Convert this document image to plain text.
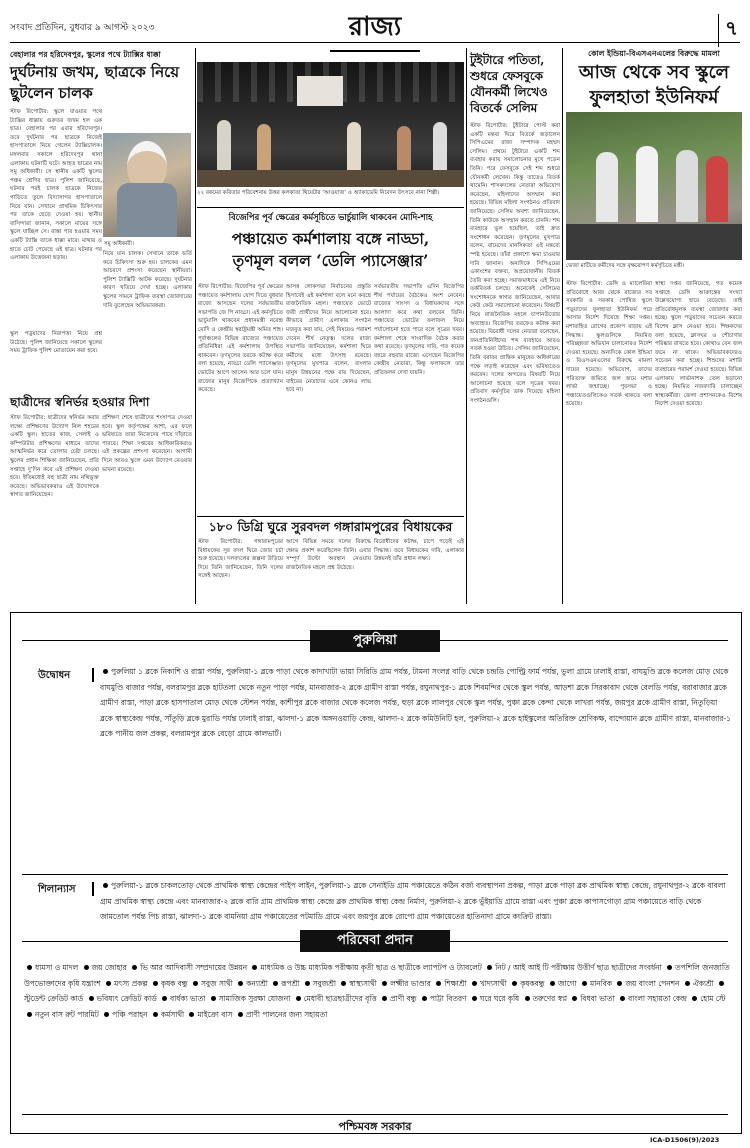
সংবাদ প্রতিদিন, বুধবার ৯ আগস্ট ২০২৩	রাজ্য	৭
বেহালার পর হরিদেবপুর, স্কুলের পথে ট্যাক্সির ধাক্কা
দুর্ঘটনায় জখম, ছাত্রকে নিয়ে ছুটলেন চালক
স্টাফ রিপোর্টার: স্কুলে যাওয়ার পথে ট্যাক্সির ধাক্কায় গুরুতর জখম হল এক ছাত্র। বেহালার পর এবার হরিদেবপুর। তবে দুর্ঘটনার পর ছাত্রকে নিজেই হাসপাতালে নিয়ে গেলেন ট্যাক্সিচালক। মঙ্গলবার সকালে হরিদেবপুর থানা এলাকায় ঘটনাটি ঘটে। আহত ছাত্রের নাম সমু অধিকারী। সে স্থানীয় একটি স্কুলের পঞ্চম শ্রেণির ছাত্র। পুলিশ জানিয়েছে, ঘটনার পরই চালক ছাত্রকে নিজের গাড়িতে তুলে বিদ্যাসাগর হাসপাতালে নিয়ে যান। সেখানে প্রাথমিক চিকিৎসার পর তাকে ছেড়ে দেওয়া হয়। স্থানীয় বাসিন্দারা জানান, সকালে মায়ের সঙ্গে স্কুলে যাচ্ছিল সে। রাস্তা পার হওয়ার সময় একটি ট্যাক্সি তাকে ধাক্কা মারে। মাথায় ও হাতে চোট পেয়েছে ওই ছাত্র। ঘটনার পর এলাকায় উত্তেজনা ছড়ায়।
সমু অধিকারী।
নিয়ে যান চালক। সেখানে তাকে ভর্তি করে চিকিৎসা শুরু হয়। চালকের এমন আচরণে প্রশংসা করেছেন স্থানীয়রা। পুলিশ ট্যাক্সিটি আটক করেছে। দুর্ঘটনার কারণ খতিয়ে দেখা হচ্ছে। এলাকায় স্কুলের সামনে ট্রাফিক ব্যবস্থা জোরদারের দাবি তুলেছেন অভিভাবকরা।
স্কুল পড়ুয়াদের নিরাপত্তা নিয়ে প্রশ্ন উঠেছে। পুলিশ জানিয়েছে সকালে স্কুলের সময় ট্রাফিক পুলিশ মোতায়েন করা হবে।
ছাত্রীদের স্বনির্ভর হওয়ার দিশা
স্টাফ রিপোর্টার: ছাত্রীদের স্বনির্ভর করার লক্ষ্যে প্রশিক্ষণের উদ্যোগ নিল শহরের একটি স্কুল। হাতের কাজ, সেলাই ও কম্পিউটার প্রশিক্ষণের মাধ্যমে তাদের আত্মনির্ভর করে তোলার চেষ্টা চলছে। স্কুলের প্রধান শিক্ষিকা জানিয়েছেন, প্রতি সপ্তাহে দু’দিন করে এই প্রশিক্ষণ দেওয়া হবে। ইতিমধ্যেই বহু ছাত্রী নাম নথিভুক্ত করেছে। অভিভাবকরাও এই উদ্যোগকে স্বাগত জানিয়েছেন।
প্রশিক্ষণ শেষে ছাত্রীদের শংসাপত্র দেওয়া হবে। স্কুল কর্তৃপক্ষের আশা, এর ফলে ভবিষ্যতে তারা নিজেদের পায়ে দাঁড়াতে পারবে। শিক্ষা দপ্তরের আধিকারিকরাও এই প্রকল্পের প্রশংসা করেছেন। আগামী দিনে আরও স্কুলে এমন উদ্যোগ নেওয়ার ভাবনা রয়েছে।
২২ রকমের কবিতার পরিবেশনায় উত্তর কলকাতা থিয়েটার ‘আওয়াজ’ ও অ্যাকাডেমি নিবেদন উৎসবে নানা শিল্পী।
বিজেপির পূর্ব ক্ষেত্রের কর্মসূচিতে ভার্চুয়ালি থাকবেন মোদি-শাহ
পঞ্চায়েত কর্মশালায় বঙ্গে নাড্ডা,
তৃণমূল বলল ‘ডেলি প্যাসেঞ্জার’
স্টাফ রিপোর্টার: বিজেপির পূর্ব ক্ষেত্রের পঞ্চায়েত কর্মশালায় যোগ দিতে বুধবার রাজ্যে আসছেন দলের সর্বভারতীয় সভাপতি জে পি নাড্ডা। এই কর্মসূচিতে ভার্চুয়ালি থাকবেন প্রধানমন্ত্রী নরেন্দ্র মোদি ও কেন্দ্রীয় স্বরাষ্ট্রমন্ত্রী অমিত শাহ। পূর্বাঞ্চলের বিভিন্ন রাজ্যের পঞ্চায়েত প্রতিনিধিরা এই কর্মশালায় উপস্থিত থাকবেন। তৃণমূলের তরফে কটাক্ষ করে বলা হয়েছে, নাড্ডা ডেলি প্যাসেঞ্জার। ভোটের আগে আসেন আর চলে যান। রাজ্যের মানুষ বিজেপিকে প্রত্যাখ্যান করেছে।
আসন্ন লোকসভা নির্বাচনের প্রস্তুতি হিসাবেই এই কর্মশালা বলে মনে করছে রাজনৈতিক মহল। পঞ্চায়েত ভোটে জয়ী প্রার্থীদের নিয়ে আলোচনা হবে। কীভাবে গ্রামীণ এলাকায় সংগঠন মজবুত করা যায়, সেই বিষয়েও পরামর্শ দেবেন শীর্ষ নেতৃত্ব। দলের রাজ্য সভাপতি জানিয়েছেন, কর্মশালা ঘিরে কর্মীদের মধ্যে উৎসাহ রয়েছে। তৃণমূলের মুখপাত্র বলেন, বাংলার মানুষ উন্নয়নের পক্ষে রায় দিয়েছেন, বাইরের নেতাদের এনে কোনও লাভ হবে না।
সর্বভারতীয় সভাপতি এদিন বিজেপির শীর্ষ পর্যায়ের বৈঠকেও অংশ নেবেন। রাজ্যের সাংসদ ও বিধায়কদের সঙ্গে আলাদা করে কথা বলবেন তিনি। পঞ্চায়েত ভোটের ফলাফল নিয়ে পর্যালোচনা হতে পারে বলে সূত্রের খবর। কর্মশালা শেষে সাংবাদিক বৈঠক করার কথা রয়েছে। তৃণমূলের দাবি, গত কয়েক বছরে বহুবার রাজ্যে এসেছেন বিজেপির কেন্দ্রীয় নেতারা, কিন্তু ফলাফলে তার প্রতিফলন দেখা যায়নি।
১৮০ ডিগ্রি ঘুরে সুরবদল গঙ্গারামপুরের বিধায়কের
স্টাফ রিপোর্টার: গঙ্গারামপুরের বিধায়কের সুর বদল ঘিরে জোর চর্চা শুরু হয়েছে। দলবদলের জল্পনা উড়িয়ে দিয়ে তিনি জানিয়েছেন, তিনি দলের সঙ্গেই আছেন।
আগে বিভিন্ন সময়ে দলের বিরুদ্ধে ক্ষোভ প্রকাশ করেছিলেন তিনি। এবার সম্পূর্ণ উল্টো অবস্থান নেওয়ায় রাজনৈতিক মহলে প্রশ্ন উঠেছে।
বিরোধীদের কটাক্ষ, চাপে পড়েই এই সিদ্ধান্ত। তবে বিধায়কের দাবি, এলাকার উন্নয়নই তাঁর প্রধান লক্ষ্য।
টুইটারে পতিতা, শুধরে ফেসবুকে যৌনকর্মী লিখেও বিতর্কে সেলিম
স্টাফ রিপোর্টার: টুইটারে পোস্ট করা একটি মন্তব্য ঘিরে বিতর্কে জড়ালেন সিপিএমের রাজ্য সম্পাদক মহম্মদ সেলিম। প্রথমে টুইটারে একটি শব্দ ব্যবহার করায় সমালোচনার মুখে পড়েন তিনি। পরে ফেসবুকে সেই শব্দ শুধরে যৌনকর্মী লেখেন। কিন্তু তাতেও বিতর্ক থামেনি। শাসকদলের নেতারা অভিযোগ করেছেন, মহিলাদের অসম্মান করা হয়েছে। বিভিন্ন মহিলা সংগঠনও প্রতিবাদ জানিয়েছে। সেলিম অবশ্য জানিয়েছেন, তিনি কাউকে অসম্মান করতে চাননি। শব্দ ব্যবহারে ভুল হয়েছিল, তাই দ্রুত সংশোধন করেছেন। তৃণমূলের মুখপাত্র বলেন, বামেদের মানসিকতা এই মন্তব্যে স্পষ্ট হয়েছে। তাঁরা প্রকাশ্যে ক্ষমা চাওয়ার দাবি জানান। অন্যদিকে সিপিএমের একাংশের বক্তব্য, অপ্রয়োজনীয় বিতর্ক তৈরি করা হচ্ছে। সমাজমাধ্যমে এই নিয়ে তর্কবিতর্ক চলছে। অনেকেই সেলিমের সংশোধনকে স্বাগত জানিয়েছেন, আবার কেউ কেউ সমালোচনা করেছেন। বিষয়টি নিয়ে রাজনৈতিক মহলে চাপানউতোর অব্যাহত। বিজেপির তরফেও কটাক্ষ করা হয়েছে। বিরোধী দলের নেতারা বলেছেন, জনপ্রতিনিধিদের শব্দ ব্যবহারে আরও সতর্ক হওয়া উচিত। সেলিম জানিয়েছেন, তিনি বরাবর প্রান্তিক মানুষের অধিকারের পক্ষে লড়াই করেছেন এবং ভবিষ্যতেও করবেন। দলের অন্দরেও বিষয়টি নিয়ে আলোচনা হয়েছে বলে সূত্রের খবর। প্রতিবাদ কর্মসূচির ডাক দিয়েছে মহিলা সংগঠনগুলি।
কোল ইন্ডিয়া-বিএসএনএলের বিরুদ্ধে মামলা
আজ থেকে সব স্কুলে ফুলহাতা ইউনিফর্ম
ভেজা মাটিতে কর্মীদের সঙ্গে বৃক্ষরোপণ কর্মসূচিতে মন্ত্রী।
স্টাফ রিপোর্টার: ডেঙ্গি ও ম্যালেরিয়া প্রতিরোধে আজ থেকে রাজ্যের সব সরকারি ও সরকার পোষিত স্কুলে পড়ুয়াদের ফুলহাতা ইউনিফর্ম পরে আসার নির্দেশ দিয়েছে শিক্ষা দপ্তর। মশাবাহিত রোগের প্রকোপ বাড়ায় এই সিদ্ধান্ত। স্কুলগুলিকে নিয়মিত পরিচ্ছন্নতা অভিযান চালানোরও নির্দেশ দেওয়া হয়েছে। অন্যদিকে কোল ইন্ডিয়া ও বিএসএনএলের বিরুদ্ধে মামলা দায়ের হয়েছে। অভিযোগ, তাদের পরিত্যক্ত জমিতে জল জমে মশার লার্ভা জন্মাচ্ছে। পুরসভা ও পঞ্চায়েতগুলিকেও সতর্ক থাকতে বলা হয়েছে।
স্বাস্থ্য দপ্তর জানিয়েছে, গত কয়েক সপ্তাহে ডেঙ্গি আক্রান্তের সংখ্যা উল্লেখযোগ্য হারে বেড়েছে। তাই প্রতিরোধমূলক ব্যবস্থা জোরদার করা হচ্ছে। স্কুলে পড়ুয়াদের সচেতন করতে বিশেষ ক্লাস নেওয়া হবে। শিক্ষকদের বলা হয়েছে, ক্লাসঘর ও শৌচাগার পরিষ্কার রাখতে হবে। কোথাও যেন জল জমে না থাকে। অভিভাবকদেরও সচেতন করা হচ্ছে। শিশুদের মশারি ব্যবহারের পরামর্শ দেওয়া হয়েছে। বিভিন্ন এলাকায় লার্ভানাশক তেল ছড়ানো হচ্ছে। নিয়মিত নজরদারি চালাচ্ছেন স্বাস্থ্যকর্মীরা। জেলা প্রশাসনকেও বিশেষ নির্দেশ দেওয়া হয়েছে।
পুরুলিয়া
উদ্বোধন	পুরুলিয়া ১ ব্লকে নিকাশি ও রাস্তা পর্যন্ত, পুরুলিয়া-১ ব্লকে পাড়া থেকে কাদাখাটা ভায়া সিরিডি গ্রাম পর্যন্ত, টামনা সংলগ্ন বাড়ি থেকে চন্দ্রডি পোল্ট্রি ফার্ম পর্যন্ত, ভুলা গ্রামে ঢালাই রাস্তা, বাঘমুণ্ডি ব্লকে কলেজ মোড় থেকে বাঘমুণ্ডি বাজার পর্যন্ত, বলরামপুর ব্লকে হাটতলা থেকে নতুন পাড়া পর্যন্ত, মানবাজার-২ ব্লকে গ্রামীণ রাস্তা পর্যন্ত, রঘুনাথপুর-১ ব্লকে শিবমন্দির থেকে স্কুল পর্যন্ত, আড়শা ব্লকে সিরকাবাদ থেকে বেলডি পর্যন্ত, বরাবাজার ব্লকে গ্রামীণ রাস্তা, পাড়া ব্লকে হাসপাতাল মোড় থেকে স্টেশন পর্যন্ত, কাশীপুর ব্লকে বাজার থেকে কলেজ পর্যন্ত, হুড়া ব্লকে লালপুর থেকে স্কুল পর্যন্ত, পুঞ্চা ব্লকে কেন্দা থেকে লাখরা পর্যন্ত, জয়পুর ব্লকে গ্রামীণ রাস্তা, নিতুড়িয়া ব্লকে স্বাস্থ্যকেন্দ্র পর্যন্ত, সাঁতুড়ি ব্লকে মুরাডি পর্যন্ত ঢালাই রাস্তা, ঝালদা-১ ব্লকে অঙ্গনওয়াড়ি কেন্দ্র, ঝালদা-২ ব্লকে কমিউনিটি হল, পুরুলিয়া-২ ব্লকে হাইস্কুলের অতিরিক্ত শ্রেণিকক্ষ, বান্দোয়ান ব্লকে গ্রামীণ রাস্তা, মানবাজার-১ ব্লকে পানীয় জল প্রকল্প, বলরামপুর ব্লকে বেড়ো গ্রামে কালভার্ট।
শিলান্যাস	পুরুলিয়া-১ ব্লকে চাকলতোড় থেকে প্রাথমিক স্বাস্থ্য কেন্দ্রের পাইপ লাইন, পুরুলিয়া-১ ব্লকে সেনাইডি গ্রাম পঞ্চায়েতে কঠিন বর্জ্য ব্যবস্থাপনা প্রকল্প, পাড়া ব্লকে পাড়া ব্লক প্রাথমিক স্বাস্থ্য কেন্দ্রে, রঘুনাথপুর-২ ব্লকে বাবলা গ্রাম প্রাথমিক স্বাস্থ্য কেন্দ্রে এবং মানবাজার-২ ব্লকে বারি গ্রাম প্রাথমিক স্বাস্থ্য কেন্দ্রে ব্লক প্রাথমিক স্বাস্থ্য কেন্দ্র নির্মাণ, পুরুলিয়া-২ ব্লকে ভুঁইয়াডি গ্রামে রাস্তা এবং পুঞ্চা ব্লকে কাপাসগোড়া গ্রাম পঞ্চায়েতে বাড়ি থেকে জামতোল পর্যন্ত পিচ রাস্তা, ঝালদা-১ ব্লকে বামনিয়া গ্রাম পঞ্চায়েতের পটমাডি গ্রামে এবং জয়পুর ব্লকে রোপো গ্রাম পঞ্চায়েতের হাতিনাদা গ্রামে কংক্রিট রাস্তা।
পরিষেবা প্রদান
ধামসা ও মাদল জয় জোহার ভি আর আদিবাসী সম্প্রদায়ের উন্নয়ন মাধ্যমিক ও উচ্চ মাধ্যমিক পরীক্ষায় কৃতী ছাত্র ও ছাত্রীকে ল্যাপটপ ও ট্যাবলেট নিট / আই আই টি পরীক্ষায় উত্তীর্ণ ছাত্র ছাত্রীদের সংবর্ধনা তপশিলি জনজাতি উপভোক্তাদের কৃষি যন্ত্রাংশ মৎস্য প্রকল্প কৃষক বন্ধু সবুজ সাথী কন্যাশ্রী রূপশ্রী সবুজশ্রী স্বাস্থ্যসাথী লক্ষ্মীর ভাণ্ডার শিক্ষাশ্রী খাদ্যসাথী কৃষকবন্ধু জাগো মানবিক জয় বাংলা পেনশন ঐক্যশ্রী স্টুডেন্ট ক্রেডিট কার্ড ভবিষ্যৎ ক্রেডিট কার্ড বার্ধক্য ভাতা সামাজিক সুরক্ষা যোজনা মেধাবী ছাত্রছাত্রীদের বৃত্তি প্রাণী বন্ধু পাট্টা বিতরণ ঘরে ঘরে কৃষি তরুণের স্বপ্ন বিধবা ভাতা বাংলা সহায়তা কেন্দ্র হোম স্টে নতুন বাস রুট পারমিট পঞ্চি পরাহন কর্মসাথী মাইক্রো বাস প্রাণী পালনের জন্য সহায়তা
পশ্চিমবঙ্গ সরকার
ICA-D1506(9)/2023
